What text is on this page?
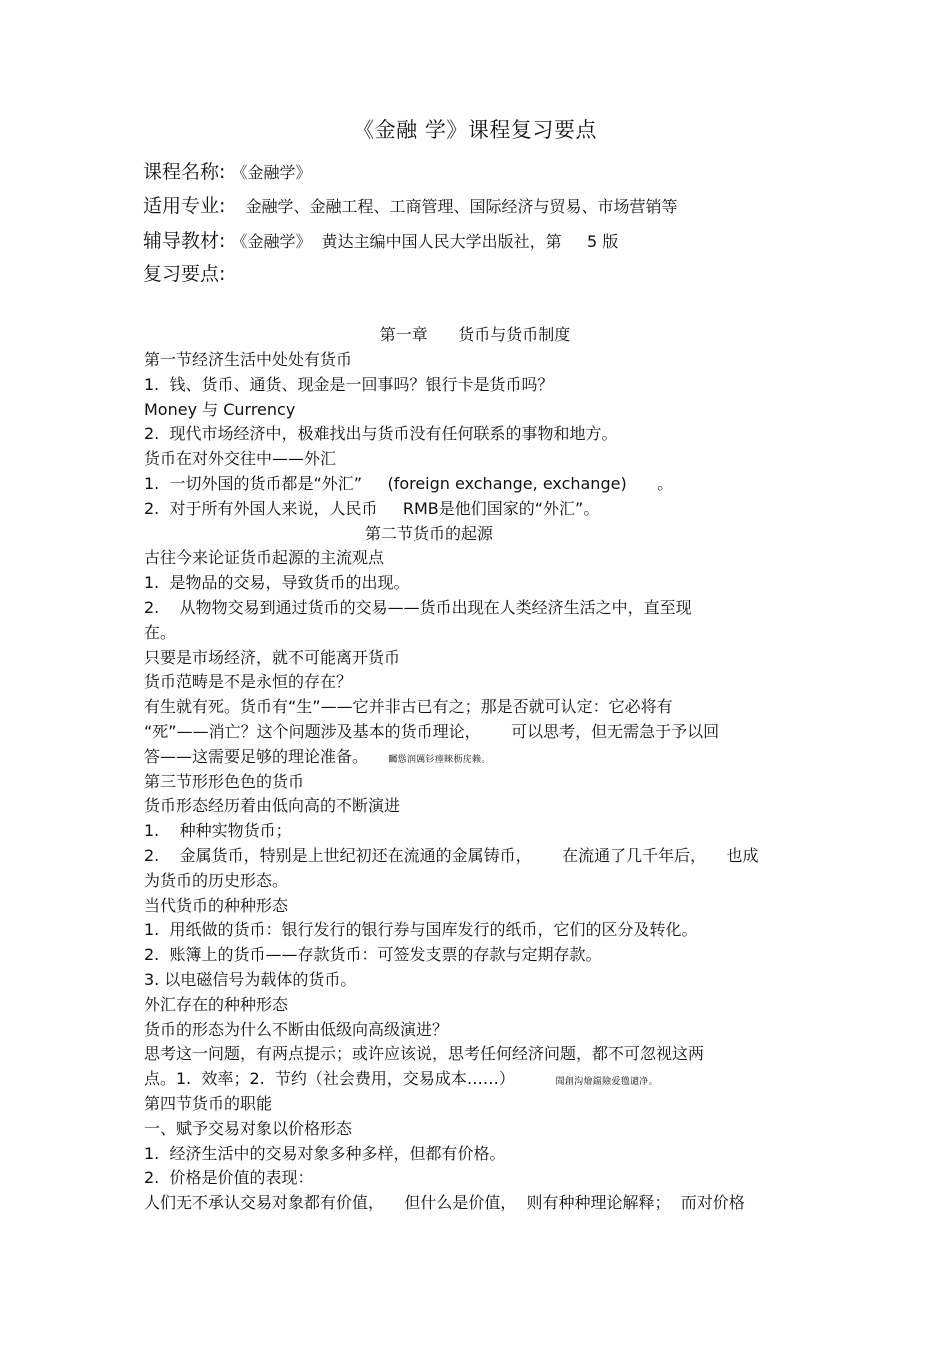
《金融 学》课程复习要点
课程名称: 《金融学》
适用专业: 金融学、金融工程、工商管理、国际经济与贸易、市场营销等
辅导教材: 《金融学》  黄达主编中国人民大学出版社，第     5 版
复习要点:
第一章      货币与货币制度
第一节经济生活中处处有货币
1.  钱、货币、通货、现金是一回事吗？银行卡是货币吗？
Money 与 Currency
2.  现代市场经济中，极难找出与货币没有任何联系的事物和地方。
货币在对外交往中——外汇
1.  一切外国的货币都是“外汇”     (foreign exchange, exchange)      。
2.  对于所有外国人来说，人民币     RMB是他们国家的“外汇”。
第二节货币的起源
古往今来论证货币起源的主流观点
1.  是物品的交易，导致货币的出现。
2.    从物物交易到通过货币的交易——货币出现在人类经济生活之中，直至现
在。
只要是市场经济，就不可能离开货币
货币范畴是不是永恒的存在？
有生就有死。货币有“生”——它并非古已有之；那是否就可认定：它必将有
“死”——消亡？这个问题涉及基本的货币理论，      可以思考，但无需急于予以回
答——这需要足够的理论准备。 矚慫润厲钐瘗睞枥庑赖。
第三节形形色色的货币
货币形态经历着由低向高的不断演进
1.    种种实物货币；
2.    金属货币，特别是上世纪初还在流通的金属铸币，      在流通了几千年后，    也成
为货币的历史形态。
当代货币的种种形态
1.  用纸做的货币：银行发行的银行券与国库发行的纸币，它们的区分及转化。
2.  账簿上的货币——存款货币：可签发支票的存款与定期存款。
3. 以电磁信号为载体的货币。
外汇存在的种种形态
货币的形态为什么不断由低级向高级演进？
思考这一问题，有两点提示；或许应该说，思考任何经济问题，都不可忽视这两
点。1.  效率；2.  节约（社会费用，交易成本……）	聞創沟燴鐺險爱氇谴净。
第四节货币的职能
一、赋予交易对象以价格形态
1.  经济生活中的交易对象多种多样，但都有价格。
2.  价格是价值的表现：
人们无不承认交易对象都有价值，    但什么是价值，  则有种种理论解释；  而对价格
